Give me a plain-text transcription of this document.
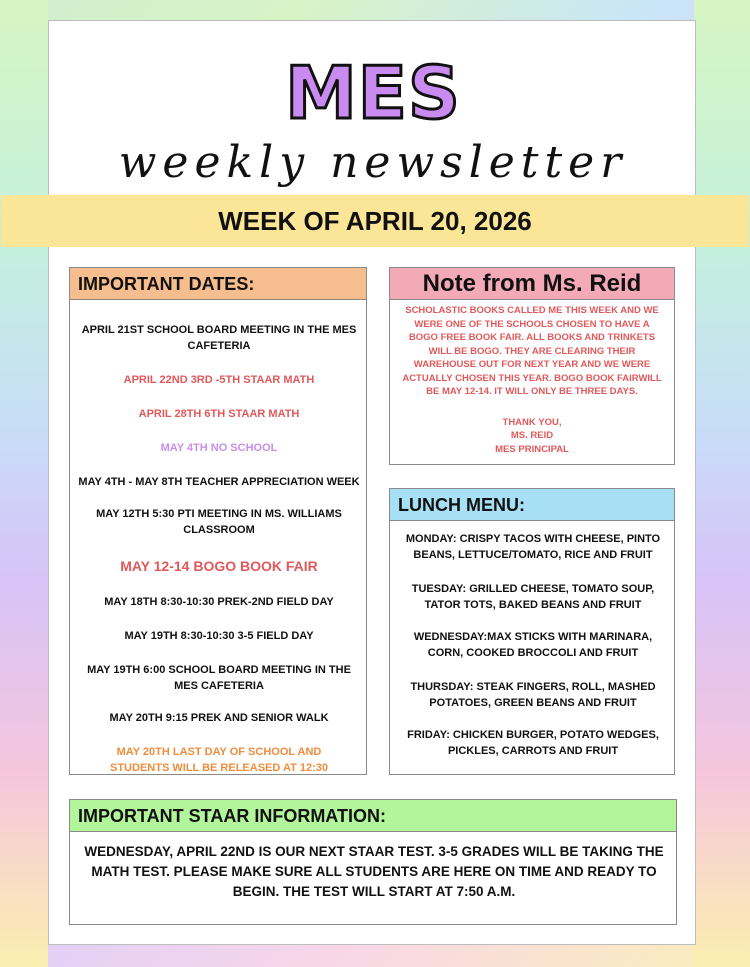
MES
weekly newsletter
WEEK OF APRIL 20, 2026
IMPORTANT DATES:
APRIL 21ST SCHOOL BOARD MEETING IN THE MES CAFETERIA
APRIL 22ND 3RD -5TH STAAR MATH
APRIL 28TH 6TH STAAR MATH
MAY 4TH NO SCHOOL
MAY 4TH - MAY 8TH TEACHER APPRECIATION WEEK
MAY 12TH 5:30 PTI MEETING IN MS. WILLIAMS CLASSROOM
MAY 12-14 BOGO BOOK FAIR
MAY 18TH 8:30-10:30 PREK-2ND FIELD DAY
MAY 19TH 8:30-10:30 3-5 FIELD DAY
MAY 19TH 6:00 SCHOOL BOARD MEETING IN THE MES CAFETERIA
MAY 20TH 9:15 PREK AND SENIOR WALK
MAY 20TH LAST DAY OF SCHOOL AND STUDENTS WILL BE RELEASED AT 12:30
Note from Ms. Reid
SCHOLASTIC BOOKS CALLED ME THIS WEEK AND WE WERE ONE OF THE SCHOOLS CHOSEN TO HAVE A BOGO FREE BOOK FAIR. ALL BOOKS AND TRINKETS WILL BE BOGO. THEY ARE CLEARING THEIR WAREHOUSE OUT FOR NEXT YEAR AND WE WERE ACTUALLY CHOSEN THIS YEAR. BOGO BOOK FAIRWILL BE MAY 12-14. IT WILL ONLY BE THREE DAYS.
THANK YOU,
MS. REID
MES PRINCIPAL
LUNCH MENU:
MONDAY: CRISPY TACOS WITH CHEESE, PINTO BEANS, LETTUCE/TOMATO, RICE AND FRUIT
TUESDAY: GRILLED CHEESE, TOMATO SOUP, TATOR TOTS, BAKED BEANS AND FRUIT
WEDNESDAY:MAX STICKS WITH MARINARA, CORN, COOKED BROCCOLI AND FRUIT
THURSDAY: STEAK FINGERS, ROLL, MASHED POTATOES, GREEN BEANS AND FRUIT
FRIDAY: CHICKEN BURGER, POTATO WEDGES, PICKLES, CARROTS AND FRUIT
IMPORTANT STAAR INFORMATION:
WEDNESDAY, APRIL 22ND IS OUR NEXT STAAR TEST. 3-5 GRADES WILL BE TAKING THE MATH TEST. PLEASE MAKE SURE ALL STUDENTS ARE HERE ON TIME AND READY TO BEGIN. THE TEST WILL START AT 7:50 A.M.
